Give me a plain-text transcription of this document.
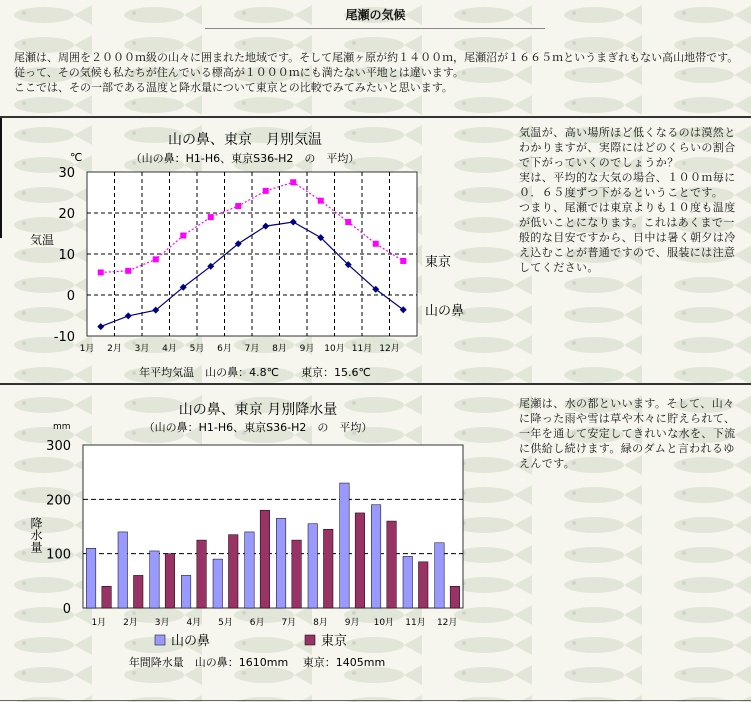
尾瀬の気候

尾瀬は、周囲を２０００ｍ級の山々に囲まれた地域です。そして尾瀬ヶ原が約１４００ｍ，尾瀬沼が１６６５ｍというまぎれもない高山地帯です。 従って、その気候も私たちが住んでいる標高が１０００ｍにも満たない平地とは違います。

ここでは、その一部である温度と降水量について東京との比較でみてみたいと思います。

山の鼻、東京　月別気温
（山の鼻：H1-H6、東京S36-H2　の　平均）
℃
気温
30
20
10
0
-10
1月 2月 3月 4月 5月 6月 7月 8月 9月 10月 11月 12月
東京
山の鼻
年平均気温　山の鼻：4.8℃　　東京：15.6℃

気温が、高い場所ほど低くなるのは漠然とわかりますが、実際にはどのくらいの割合で下がっていくのでしょうか？

実は、平均的な大気の場合、１００ｍ毎に０．６５度ずつ下がるということです。

つまり、尾瀬では東京よりも１０度も温度が低いことになります。これはあくまで一般的な目安ですから、日中は暑く朝夕は冷え込むことが普通ですので、服装には注意してください。

山の鼻、東京 月別降水量
（山の鼻：H1-H6、東京S36-H2　の　平均）
mm
降水量
300
200
100
0
1月 2月 3月 4月 5月 6月 7月 8月 9月 10月 11月 12月
山の鼻	東京
年間降水量　山の鼻：1610mm　 東京：1405mm

尾瀬は、水の都といいます。そして、山々に降った雨や雪は草や木々に貯えられて、一年を通して安定してきれいな水を、下流に供給し続けます。緑のダムと言われるゆえんです。
